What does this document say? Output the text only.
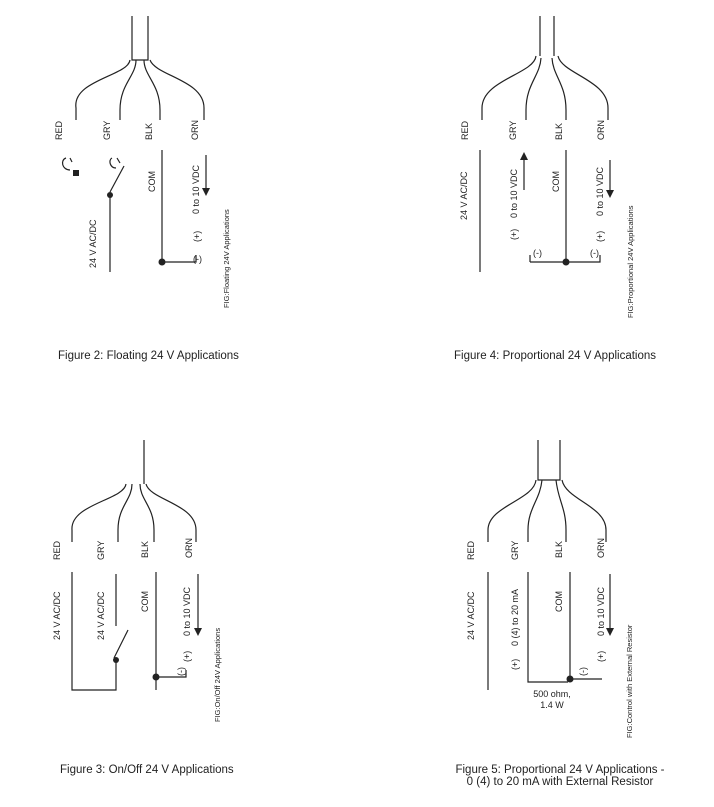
RED	GRY	BLK	ORN
24 V AC/DC
COM	0 to 10 VDC
(+)
(-)	FIG:Floating 24V Applications
RED	GRY	BLK	ORN
24 V AC/DC	0 to 10 VDC
(+)
(-)
COM	0 to 10 VDC
(+)
(-)	FIG:Proportional 24V Applications
RED	GRY	BLK	ORN
24 V AC/DC	24 V AC/DC	COM	0 to 10 VDC
(+)
(-)	FIG:On/Off 24V Applications
RED	GRY	BLK	ORN
24 V AC/DC	0 (4) to 20 mA
(+)
COM	0 to 10 VDC
(+)
(-)
500 ohm,
1.4 W	FIG:Control with External Resistor
Figure 2: Floating 24 V Applications	Figure 4: Proportional 24 V Applications
Figure 3: On/Off 24 V Applications	Figure 5: Proportional 24 V Applications -
0 (4) to 20 mA with External Resistor
